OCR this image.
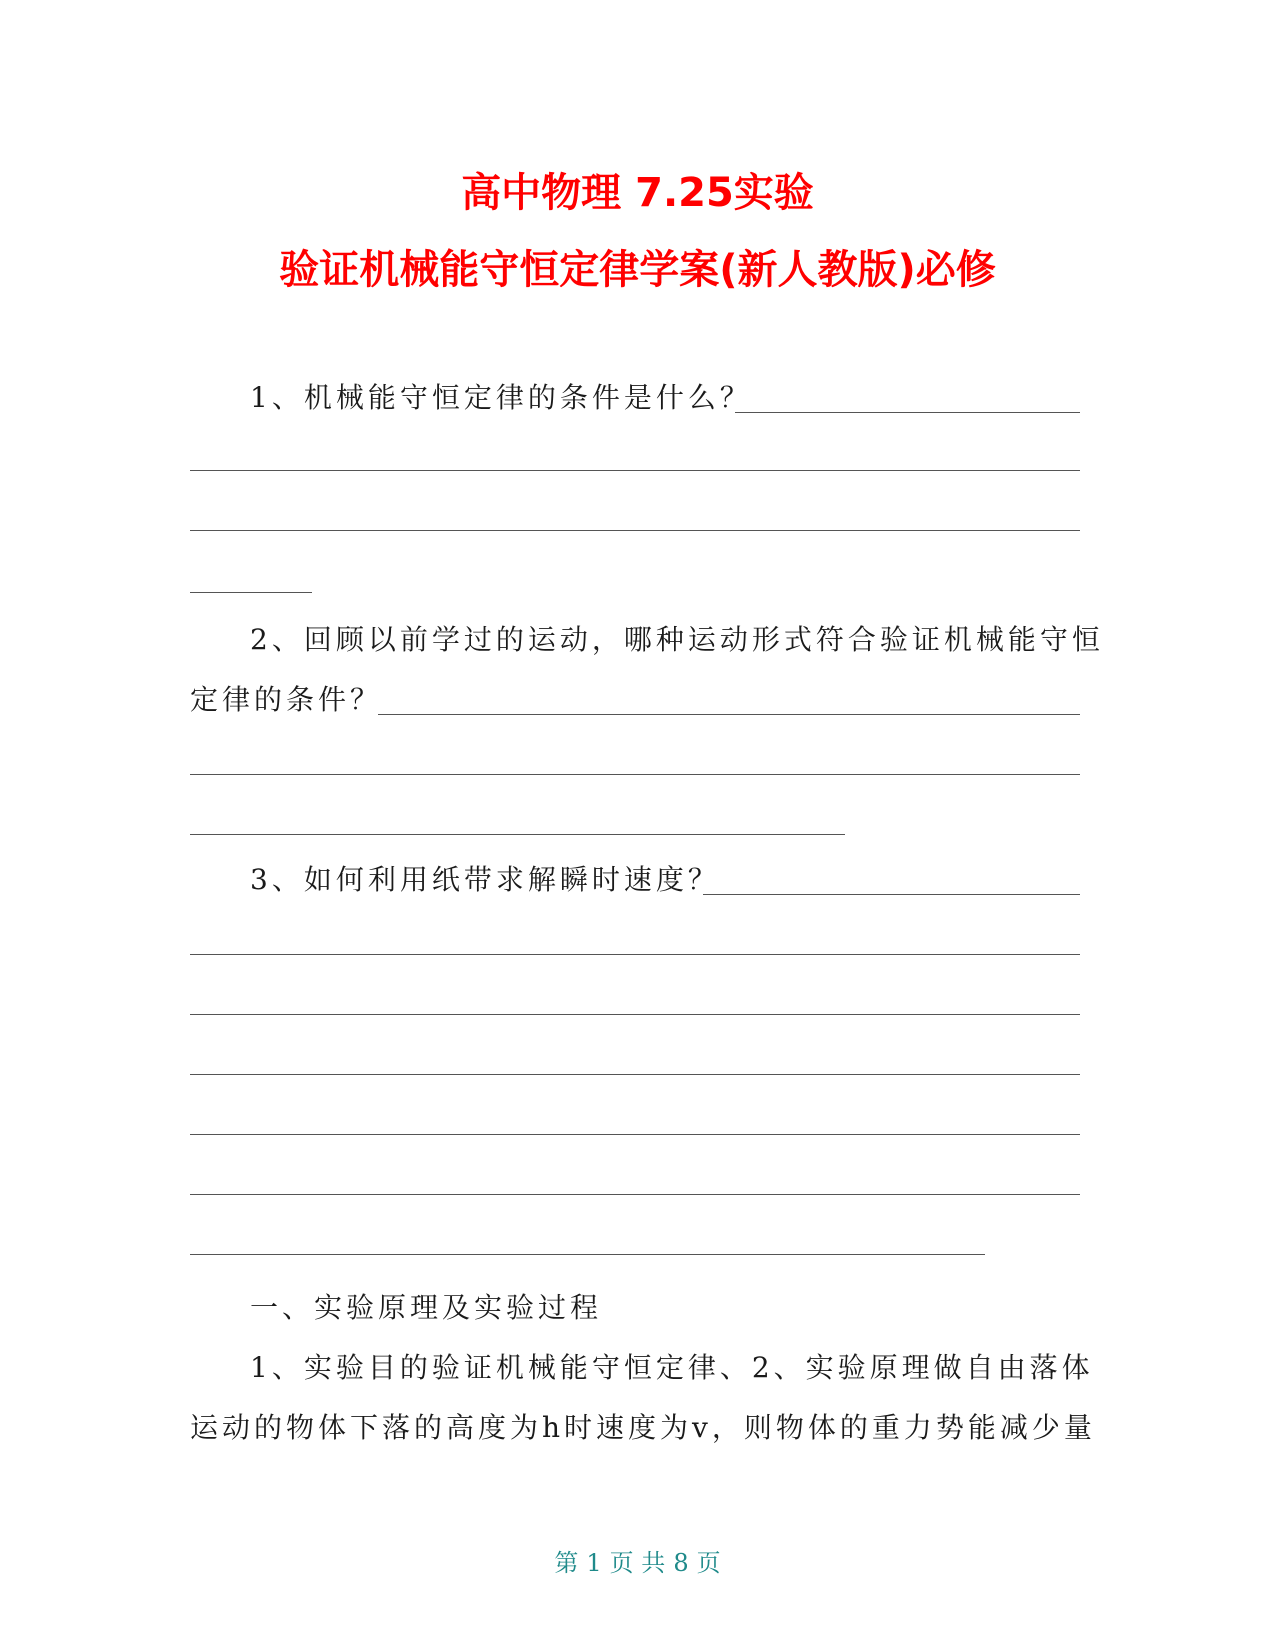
高中物理 7.25实验
验证机械能守恒定律学案(新人教版)必修
1、机械能守恒定律的条件是什么？
2、回顾以前学过的运动，哪种运动形式符合验证机械能守恒
定律的条件？
3、如何利用纸带求解瞬时速度？
一、实验原理及实验过程
1、实验目的验证机械能守恒定律、2、实验原理做自由落体
运动的物体下落的高度为h时速度为v，则物体的重力势能减少量
第 1 页 共 8 页
